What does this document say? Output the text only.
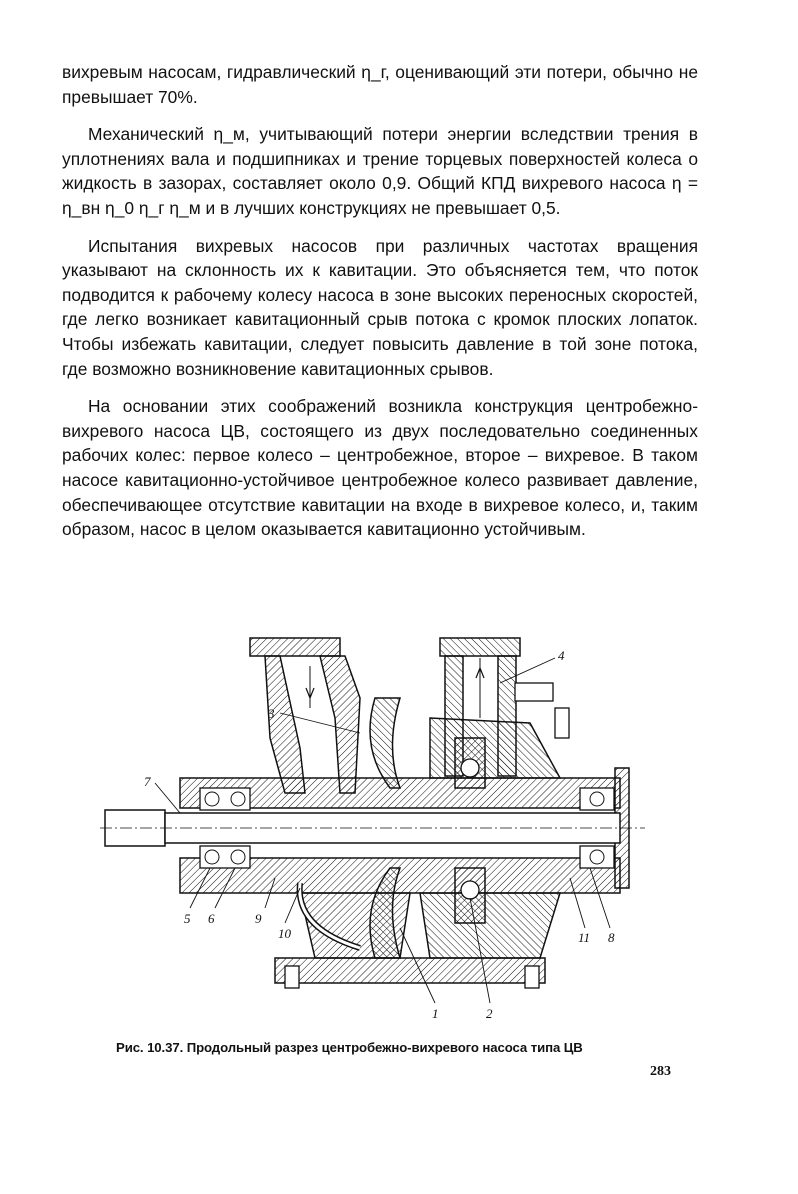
вихревым насосам, гидравлический η_г, оценивающий эти потери, обычно не превышает 70%.

Механический η_м, учитывающий потери энергии вследствии трения в уплотнениях вала и подшипниках и трение торцевых поверхностей колеса о жидкость в зазорах, составляет около 0,9. Общий КПД вихревого насоса η = η_вн η_0 η_г η_м и в лучших конструкциях не превышает 0,5.

Испытания вихревых насосов при различных частотах вращения указывают на склонность их к кавитации. Это объясняется тем, что поток подводится к рабочему колесу насоса в зоне высоких переносных скоростей, где легко возникает кавитационный срыв потока с кромок плоских лопаток. Чтобы избежать кавитации, следует повысить давление в той зоне потока, где возможно возникновение кавитационных срывов.

На основании этих соображений возникла конструкция центробежно-вихревого насоса ЦВ, состоящего из двух последовательно соединенных рабочих колес: первое колесо – центробежное, второе – вихревое. В таком насосе кавитационно-устойчивое центробежное колесо развивает давление, обеспечивающее отсутствие кавитации на входе в вихревое колесо, и, таким образом, насос в целом оказывается кавитационно устойчивым.

3
4
7
5 6	9
10
1	2
11 8
Рис. 10.37. Продольный разрез центробежно-вихревого насоса типа ЦВ
283
